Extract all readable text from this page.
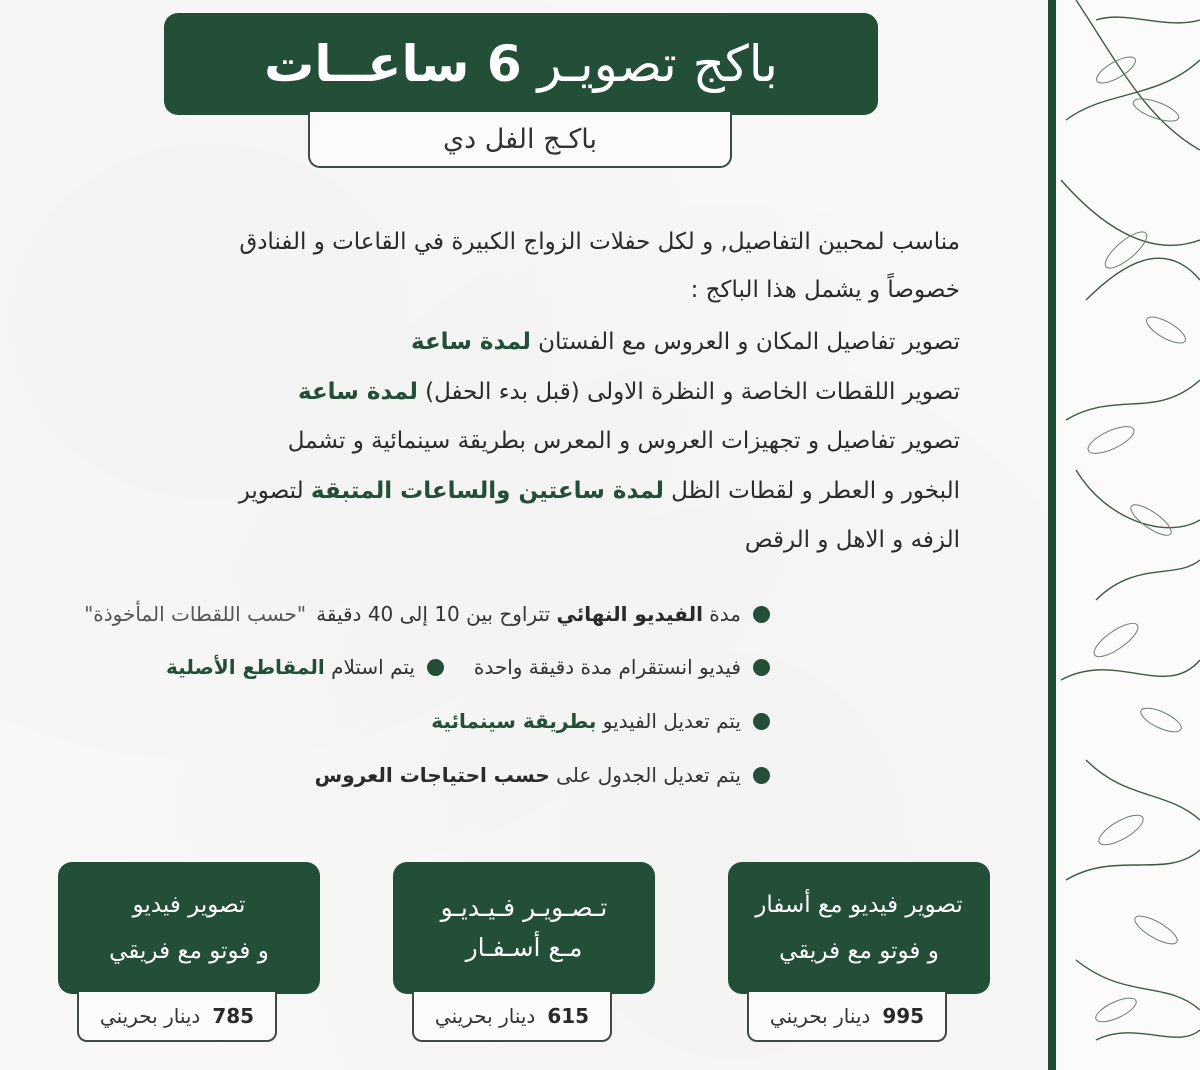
باكج تصويـر 6 ساعــات
باكـج الفل دي
مناسب لمحبين التفاصيل, و لكل حفلات الزواج الكبيرة في القاعات و الفنادق
خصوصاً و يشمل هذا الباكج :
تصوير تفاصيل المكان و العروس مع الفستان لمدة ساعة
تصوير اللقطات الخاصة و النظرة الاولى (قبل بدء الحفل) لمدة ساعة
تصوير تفاصيل و تجهيزات العروس و المعرس بطريقة سينمائية و تشمل
البخور و العطر و لقطات الظل لمدة ساعتين والساعات المتبقة لتصوير
الزفه و الاهل و الرقص
مدة

الفيديو النهائي

تتراوح بين 10 إلى 40 دقيقة
"حسب اللقطات المأخوذة"
فيديو انستقرام مدة دقيقة واحدة
يتم استلام

المقاطع الأصلية
يتم تعديل الفيديو

بطريقة سينمائية
يتم تعديل الجدول على

حسب احتياجات العروس
تصوير فيديو مع أسفار
و فوتو مع فريقي
995
دينار بحريني
تـصـويـر فـيـديـو
مـع أسـفـار
615
دينار بحريني
تصوير فيديو
و فوتو مع فريقي
785
دينار بحريني
